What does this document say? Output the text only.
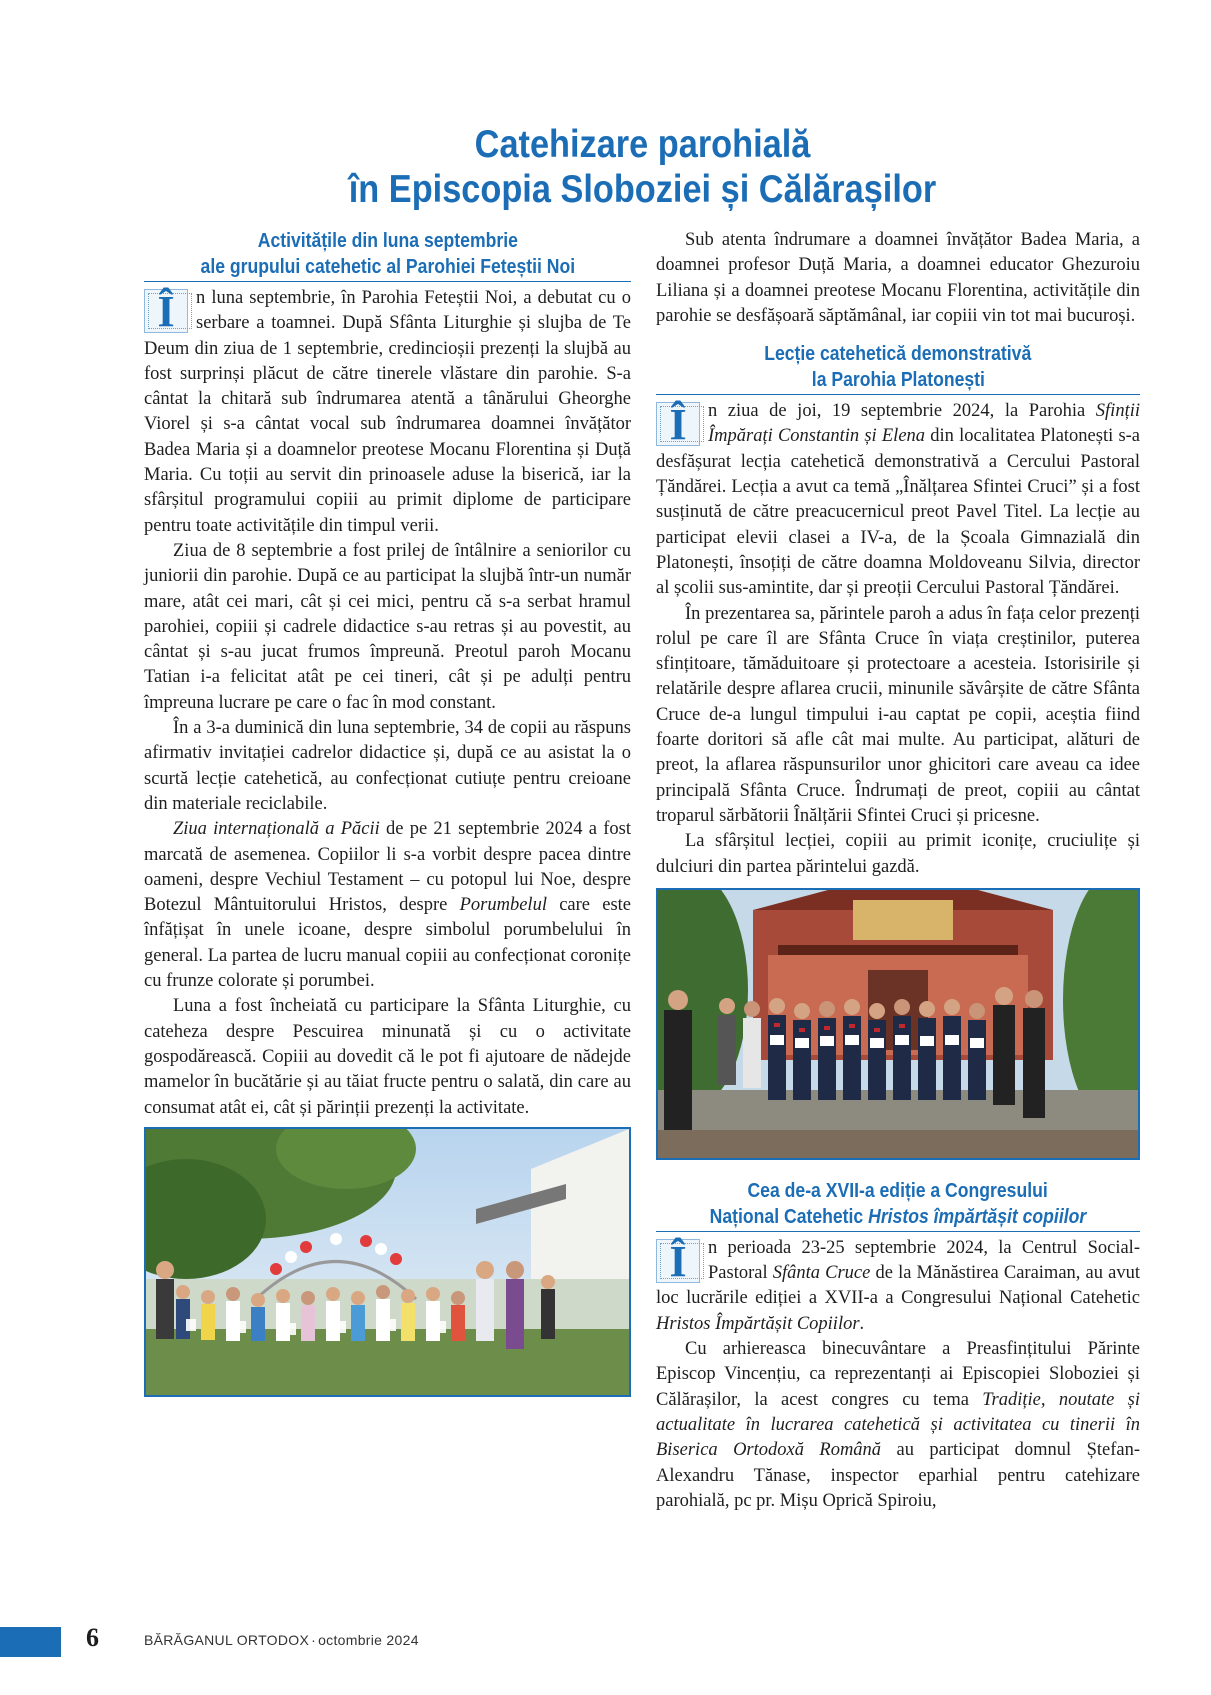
Catehizare parohială
în Episcopia Sloboziei și Călărașilor
Activitățile din luna septembrie
ale grupului catehetic al Parohiei Feteștii Noi

Î	n luna septembrie, în Parohia Feteștii Noi, a debutat cu o serbare a toamnei. După Sfânta Liturghie și slujba de Te Deum din ziua de 1 septembrie, credincioșii prezenți la slujbă au fost surprinși plăcut de către tinerele vlăstare din parohie. S-a cântat la chitară sub îndrumarea atentă a tânărului Gheorghe Viorel și s-a cântat vocal sub îndrumarea doamnei învățător Badea Maria și a doamnelor preotese Mocanu Florentina și Duță Maria. Cu toții au servit din prinoasele aduse la biserică, iar la sfârșitul programului copiii au primit diplome de participare pentru toate activitățile din timpul verii.

Ziua de 8 septembrie a fost prilej de întâlnire a seniorilor cu juniorii din parohie. După ce au participat la slujbă într-un număr mare, atât cei mari, cât și cei mici, pentru că s-a serbat hramul parohiei, copiii și cadrele didactice s-au retras și au povestit, au cântat și s-au jucat frumos împreună. Preotul paroh Mocanu Tatian i-a felicitat atât pe cei tineri, cât și pe adulți pentru împreuna lucrare pe care o fac în mod constant.

În a 3-a duminică din luna septembrie, 34 de copii au răspuns afirmativ invitației cadrelor didactice și, după ce au asistat la o scurtă lecție catehetică, au confecționat cutiuțe pentru creioane din materiale reciclabile.

Ziua internațională a Păcii de pe 21 septembrie 2024 a fost marcată de asemenea. Copiilor li s-a vorbit despre pacea dintre oameni, despre Vechiul Testament – cu potopul lui Noe, despre Botezul Mântuitorului Hristos, despre Porumbelul care este înfățișat în unele icoane, despre simbolul porumbelului în general. La partea de lucru manual copiii au confecționat coronițe cu frunze colorate și porumbei.

Luna a fost încheiată cu participare la Sfânta Liturghie, cu cateheza despre Pescuirea minunată și cu o activitate gospodărească. Copiii au dovedit că le pot fi ajutoare de nădejde mamelor în bucătărie și au tăiat fructe pentru o salată, din care au consumat atât ei, cât și părinții prezenți la activitate.

Sub atenta îndrumare a doamnei învățător Badea Maria, a doamnei profesor Duță Maria, a doamnei educator Ghezuroiu Liliana și a doamnei preotese Mocanu Florentina, activitățile din parohie se desfășoară săptămânal, iar copiii vin tot mai bucuroși.

Lecție catehetică demonstrativă
la Parohia Platonești

Î	n ziua de joi, 19 septembrie 2024, la Parohia Sfinții Împărați Constantin și Elena din localitatea Platonești s-a desfășurat lecția catehetică demonstrativă a Cercului Pastoral Țăndărei. Lecția a avut ca temă „Înălțarea Sfintei Cruci” și a fost susținută de către preacucernicul preot Pavel Titel. La lecție au participat elevii clasei a IV-a, de la Școala Gimnazială din Platonești, însoțiți de către doamna Moldoveanu Silvia, director al școlii sus-amintite, dar și preoții Cercului Pastoral Țăndărei.

În prezentarea sa, părintele paroh a adus în fața celor prezenți rolul pe care îl are Sfânta Cruce în viața creștinilor, puterea sfințitoare, tămăduitoare și protectoare a acesteia. Istorisirile și relatările despre aflarea crucii, minunile săvârșite de către Sfânta Cruce de-a lungul timpului i-au captat pe copii, aceștia fiind foarte doritori să afle cât mai multe. Au participat, alături de preot, la aflarea răspunsurilor unor ghicitori care aveau ca idee principală Sfânta Cruce. Îndrumați de preot, copiii au cântat troparul sărbătorii Înălțării Sfintei Cruci și pricesne.

La sfârșitul lecției, copiii au primit iconițe, cruciulițe și dulciuri din partea părintelui gazdă.

Cea de-a XVII-a ediție a Congresului
Național Catehetic Hristos împărtășit copiilor

Î	n perioada 23-25 septembrie 2024, la Centrul Social-Pastoral Sfânta Cruce de la Mănăstirea Caraiman, au avut loc lucrările ediției a XVII-a a Congresului Național Catehetic Hristos Împărtășit Copiilor.

Cu arhiereasca binecuvântare a Preasfințitului Părinte Episcop Vincențiu, ca reprezentanți ai Episcopiei Sloboziei și Călărașilor, la acest congres cu tema Tradiție, noutate și actualitate în lucrarea catehetică și activitatea cu tinerii în Biserica Ortodoxă Română au participat domnul Ștefan-Alexandru Tănase, inspector eparhial pentru catehizare parohială, pc pr. Mișu Oprică Spiroiu,

6	BĂRĂGANUL ORTODOX · octombrie 2024
